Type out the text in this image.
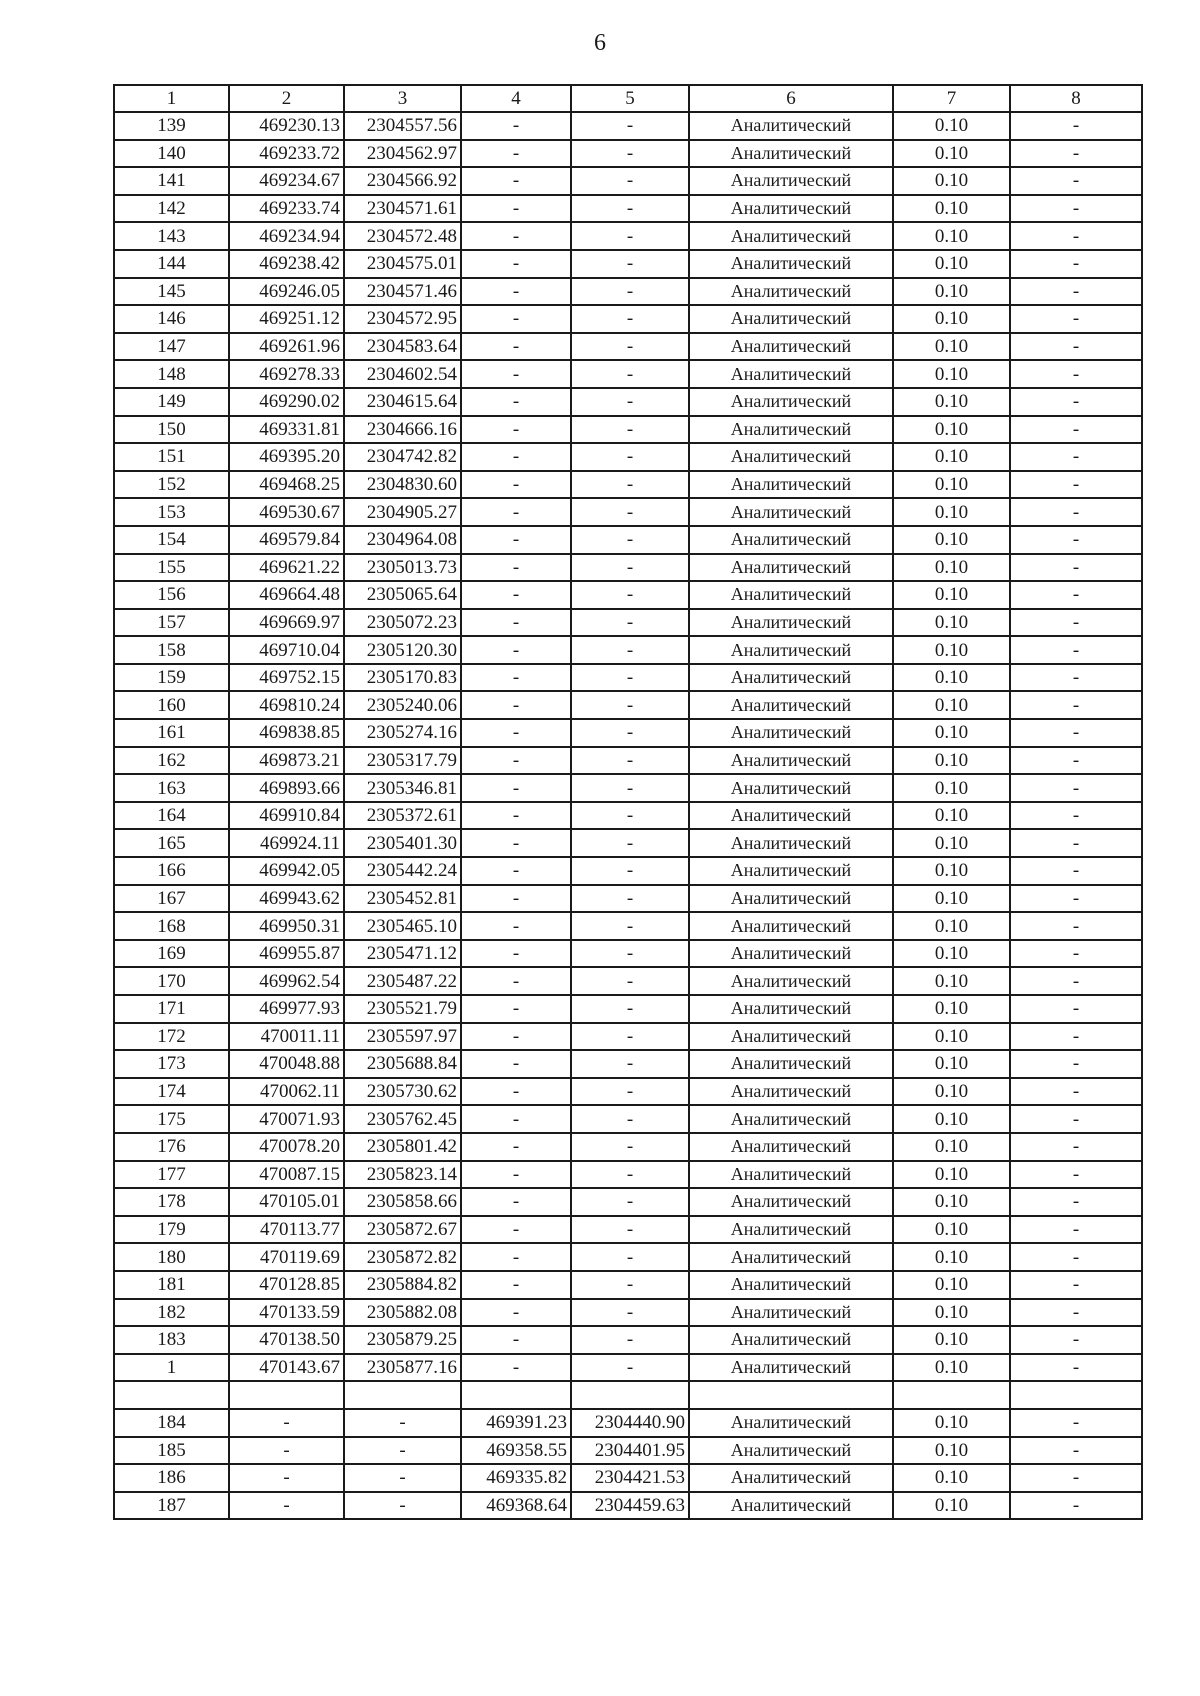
6
1	2	3	4	5	6	7	8
139	469230.13	2304557.56	-	-	Аналитический	0.10	-
140	469233.72	2304562.97	-	-	Аналитический	0.10	-
141	469234.67	2304566.92	-	-	Аналитический	0.10	-
142	469233.74	2304571.61	-	-	Аналитический	0.10	-
143	469234.94	2304572.48	-	-	Аналитический	0.10	-
144	469238.42	2304575.01	-	-	Аналитический	0.10	-
145	469246.05	2304571.46	-	-	Аналитический	0.10	-
146	469251.12	2304572.95	-	-	Аналитический	0.10	-
147	469261.96	2304583.64	-	-	Аналитический	0.10	-
148	469278.33	2304602.54	-	-	Аналитический	0.10	-
149	469290.02	2304615.64	-	-	Аналитический	0.10	-
150	469331.81	2304666.16	-	-	Аналитический	0.10	-
151	469395.20	2304742.82	-	-	Аналитический	0.10	-
152	469468.25	2304830.60	-	-	Аналитический	0.10	-
153	469530.67	2304905.27	-	-	Аналитический	0.10	-
154	469579.84	2304964.08	-	-	Аналитический	0.10	-
155	469621.22	2305013.73	-	-	Аналитический	0.10	-
156	469664.48	2305065.64	-	-	Аналитический	0.10	-
157	469669.97	2305072.23	-	-	Аналитический	0.10	-
158	469710.04	2305120.30	-	-	Аналитический	0.10	-
159	469752.15	2305170.83	-	-	Аналитический	0.10	-
160	469810.24	2305240.06	-	-	Аналитический	0.10	-
161	469838.85	2305274.16	-	-	Аналитический	0.10	-
162	469873.21	2305317.79	-	-	Аналитический	0.10	-
163	469893.66	2305346.81	-	-	Аналитический	0.10	-
164	469910.84	2305372.61	-	-	Аналитический	0.10	-
165	469924.11	2305401.30	-	-	Аналитический	0.10	-
166	469942.05	2305442.24	-	-	Аналитический	0.10	-
167	469943.62	2305452.81	-	-	Аналитический	0.10	-
168	469950.31	2305465.10	-	-	Аналитический	0.10	-
169	469955.87	2305471.12	-	-	Аналитический	0.10	-
170	469962.54	2305487.22	-	-	Аналитический	0.10	-
171	469977.93	2305521.79	-	-	Аналитический	0.10	-
172	470011.11	2305597.97	-	-	Аналитический	0.10	-
173	470048.88	2305688.84	-	-	Аналитический	0.10	-
174	470062.11	2305730.62	-	-	Аналитический	0.10	-
175	470071.93	2305762.45	-	-	Аналитический	0.10	-
176	470078.20	2305801.42	-	-	Аналитический	0.10	-
177	470087.15	2305823.14	-	-	Аналитический	0.10	-
178	470105.01	2305858.66	-	-	Аналитический	0.10	-
179	470113.77	2305872.67	-	-	Аналитический	0.10	-
180	470119.69	2305872.82	-	-	Аналитический	0.10	-
181	470128.85	2305884.82	-	-	Аналитический	0.10	-
182	470133.59	2305882.08	-	-	Аналитический	0.10	-
183	470138.50	2305879.25	-	-	Аналитический	0.10	-
1	470143.67	2305877.16	-	-	Аналитический	0.10	-

184	-	-	469391.23	2304440.90	Аналитический	0.10	-
185	-	-	469358.55	2304401.95	Аналитический	0.10	-
186	-	-	469335.82	2304421.53	Аналитический	0.10	-
187	-	-	469368.64	2304459.63	Аналитический	0.10	-
